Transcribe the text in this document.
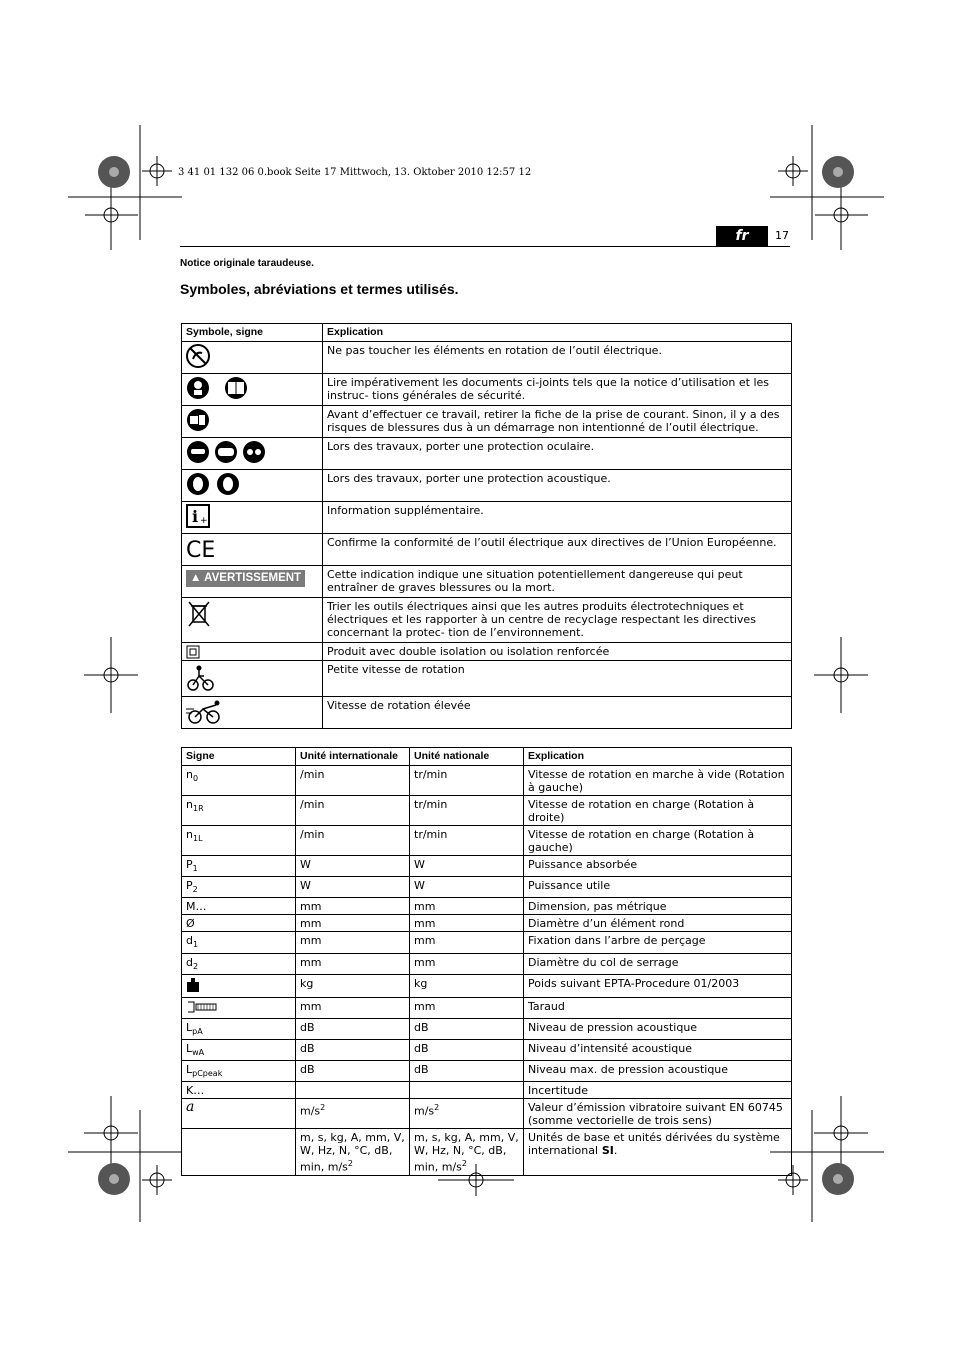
3 41 01 132 06 0.book Seite 17 Mittwoch, 13. Oktober 2010 12:57 12
fr	17
Notice originale taraudeuse.
Symboles, abréviations et termes utilisés.
Symbole, signe	Explication
	Ne pas toucher les éléments en rotation de l’outil électrique.
	Lire impérativement les documents ci-joints tels que la notice d’utilisation et les instruc- tions générales de sécurité.
	Avant d’effectuer ce travail, retirer la fiche de la prise de courant. Sinon, il y a des risques de blessures dus à un démarrage non intentionné de l’outil électrique.
	Lors des travaux, porter une protection oculaire.
	Lors des travaux, porter une protection acoustique.

i +	Information supplémentaire.

CE	Confirme la conformité de l’outil électrique aux directives de l’Union Européenne.
▲ AVERTISSEMENT	Cette indication indique une situation potentiellement dangereuse qui peut entraîner de graves blessures ou la mort.
	Trier les outils électriques ainsi que les autres produits électrotechniques et électriques et les rapporter à un centre de recyclage respectant les directives concernant la protec- tion de l’environnement.
	Produit avec double isolation ou isolation renforcée
	Petite vitesse de rotation
	Vitesse de rotation élevée
Signe	Unité internationale	Unité nationale	Explication
$n_0$	/min	tr/min	Vitesse de rotation en marche à vide (Rotation à gauche)
$n_{1R}$	/min	tr/min	Vitesse de rotation en charge (Rotation à droite)
$n_{1L}$	/min	tr/min	Vitesse de rotation en charge (Rotation à gauche)
$P_1$	W	W	Puissance absorbée
$P_2$	W	W	Puissance utile
M…	mm	mm	Dimension, pas métrique
Ø	mm	mm	Diamètre d’un élément rond
$d_1$	mm	mm	Fixation dans l’arbre de perçage
$d_2$	mm	mm	Diamètre du col de serrage
	kg	kg	Poids suivant EPTA-Procedure 01/2003
	mm	mm	Taraud
$L_{pA}$	dB	dB	Niveau de pression acoustique
$L_{wA}$	dB	dB	Niveau d’intensité acoustique
$L_{pCpeak}$	dB	dB	Niveau max. de pression acoustique
K…			Incertitude
a	$m/s^2$	$m/s^2$	Valeur d’émission vibratoire suivant EN 60745 (somme vectorielle de trois sens)
	m, s, kg, A, mm, V, W, Hz, N, °C, dB, min, $m/s^2$	m, s, kg, A, mm, V, W, Hz, N, °C, dB, min, $m/s^2$	Unités de base et unités dérivées du système international SI.
